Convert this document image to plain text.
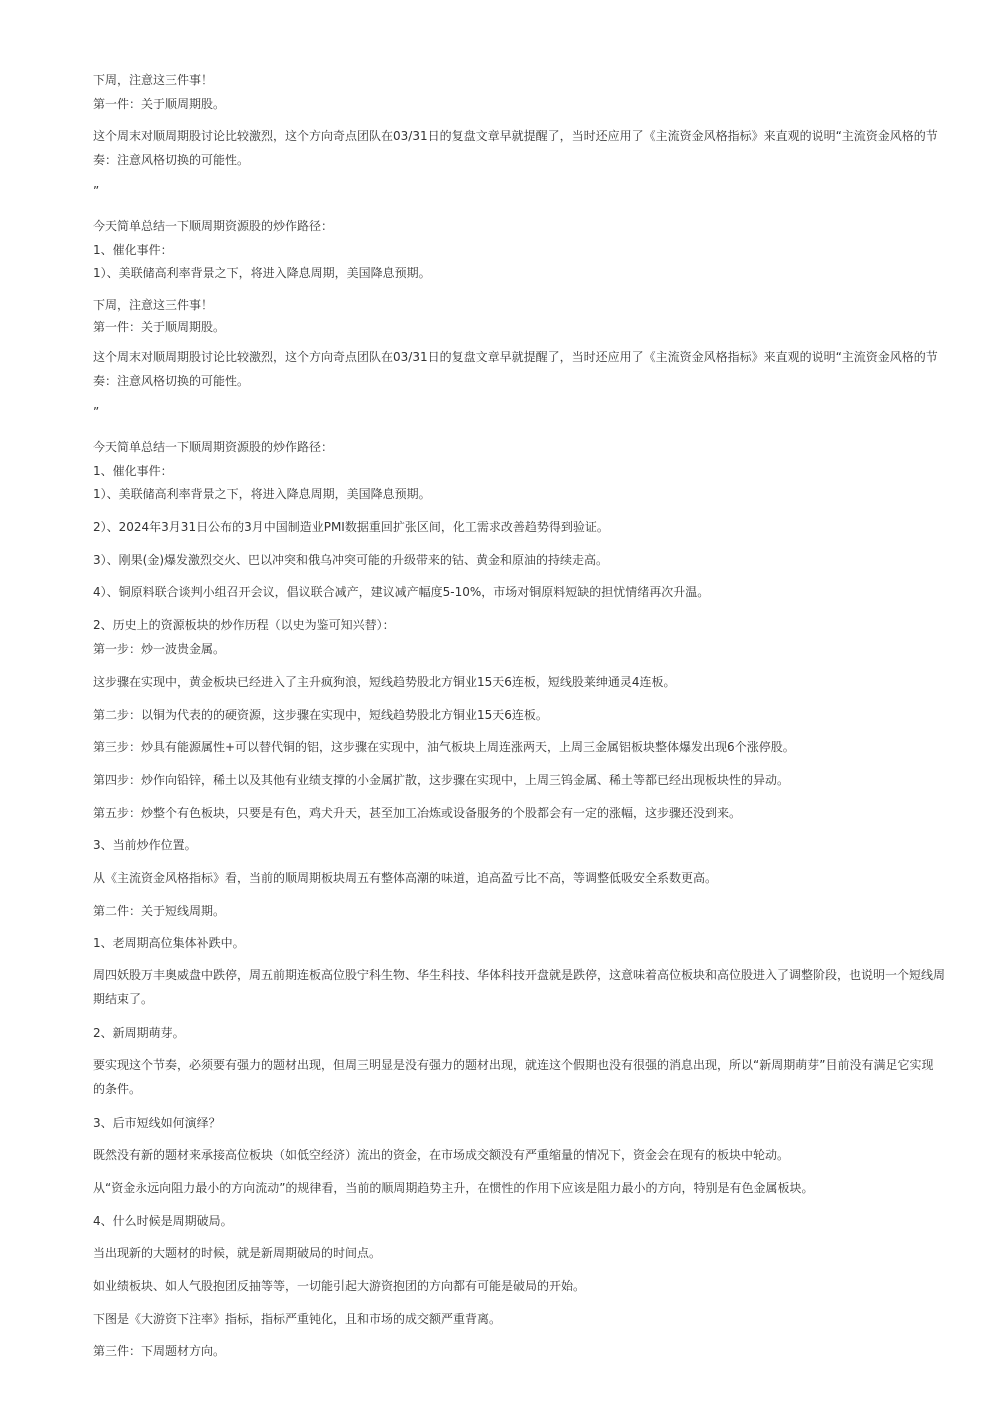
下周，注意这三件事！
第一件：关于顺周期股。
这个周末对顺周期股讨论比较激烈，这个方向奇点团队在03/31日的复盘文章早就提醒了，当时还应用了《主流资金风格指标》来直观的说明“主流资金风格的节奏：注意风格切换的可能性。
”
今天简单总结一下顺周期资源股的炒作路径：
1、催化事件：
1）、美联储高利率背景之下，将进入降息周期，美国降息预期。
下周，注意这三件事！
第一件：关于顺周期股。
这个周末对顺周期股讨论比较激烈，这个方向奇点团队在03/31日的复盘文章早就提醒了，当时还应用了《主流资金风格指标》来直观的说明“主流资金风格的节奏：注意风格切换的可能性。
”
今天简单总结一下顺周期资源股的炒作路径：
1、催化事件：
1）、美联储高利率背景之下，将进入降息周期，美国降息预期。
2）、2024年3月31日公布的3月中国制造业PMI数据重回扩张区间，化工需求改善趋势得到验证。
3）、刚果(金)爆发激烈交火、巴以冲突和俄乌冲突可能的升级带来的钴、黄金和原油的持续走高。
4）、铜原料联合谈判小组召开会议，倡议联合减产，建议减产幅度5-10%，市场对铜原料短缺的担忧情绪再次升温。
2、历史上的资源板块的炒作历程（以史为鉴可知兴替）：
第一步：炒一波贵金属。
这步骤在实现中，黄金板块已经进入了主升疯狗浪，短线趋势股北方铜业15天6连板，短线股莱绅通灵4连板。
第二步：以铜为代表的的硬资源，这步骤在实现中，短线趋势股北方铜业15天6连板。
第三步：炒具有能源属性+可以替代铜的铝，这步骤在实现中，油气板块上周连涨两天，上周三金属铝板块整体爆发出现6个涨停股。
第四步：炒作向铅锌，稀土以及其他有业绩支撑的小金属扩散，这步骤在实现中，上周三钨金属、稀土等都已经出现板块性的异动。
第五步：炒整个有色板块，只要是有色，鸡犬升天，甚至加工冶炼或设备服务的个股都会有一定的涨幅，这步骤还没到来。
3、当前炒作位置。
从《主流资金风格指标》看，当前的顺周期板块周五有整体高潮的味道，追高盈亏比不高，等调整低吸安全系数更高。
第二件：关于短线周期。
1、老周期高位集体补跌中。
周四妖股万丰奥威盘中跌停，周五前期连板高位股宁科生物、华生科技、华体科技开盘就是跌停，这意味着高位板块和高位股进入了调整阶段，也说明一个短线周期结束了。
2、新周期萌芽。
要实现这个节奏，必须要有强力的题材出现，但周三明显是没有强力的题材出现，就连这个假期也没有很强的消息出现，所以“新周期萌芽”目前没有满足它实现的条件。
3、后市短线如何演绎？
既然没有新的题材来承接高位板块（如低空经济）流出的资金，在市场成交额没有严重缩量的情况下，资金会在现有的板块中轮动。
从“资金永远向阻力最小的方向流动”的规律看，当前的顺周期趋势主升，在惯性的作用下应该是阻力最小的方向，特别是有色金属板块。
4、什么时候是周期破局。
当出现新的大题材的时候，就是新周期破局的时间点。
如业绩板块、如人气股抱团反抽等等，一切能引起大游资抱团的方向都有可能是破局的开始。
下图是《大游资下注率》指标，指标严重钝化，且和市场的成交额严重背离。
第三件：下周题材方向。
